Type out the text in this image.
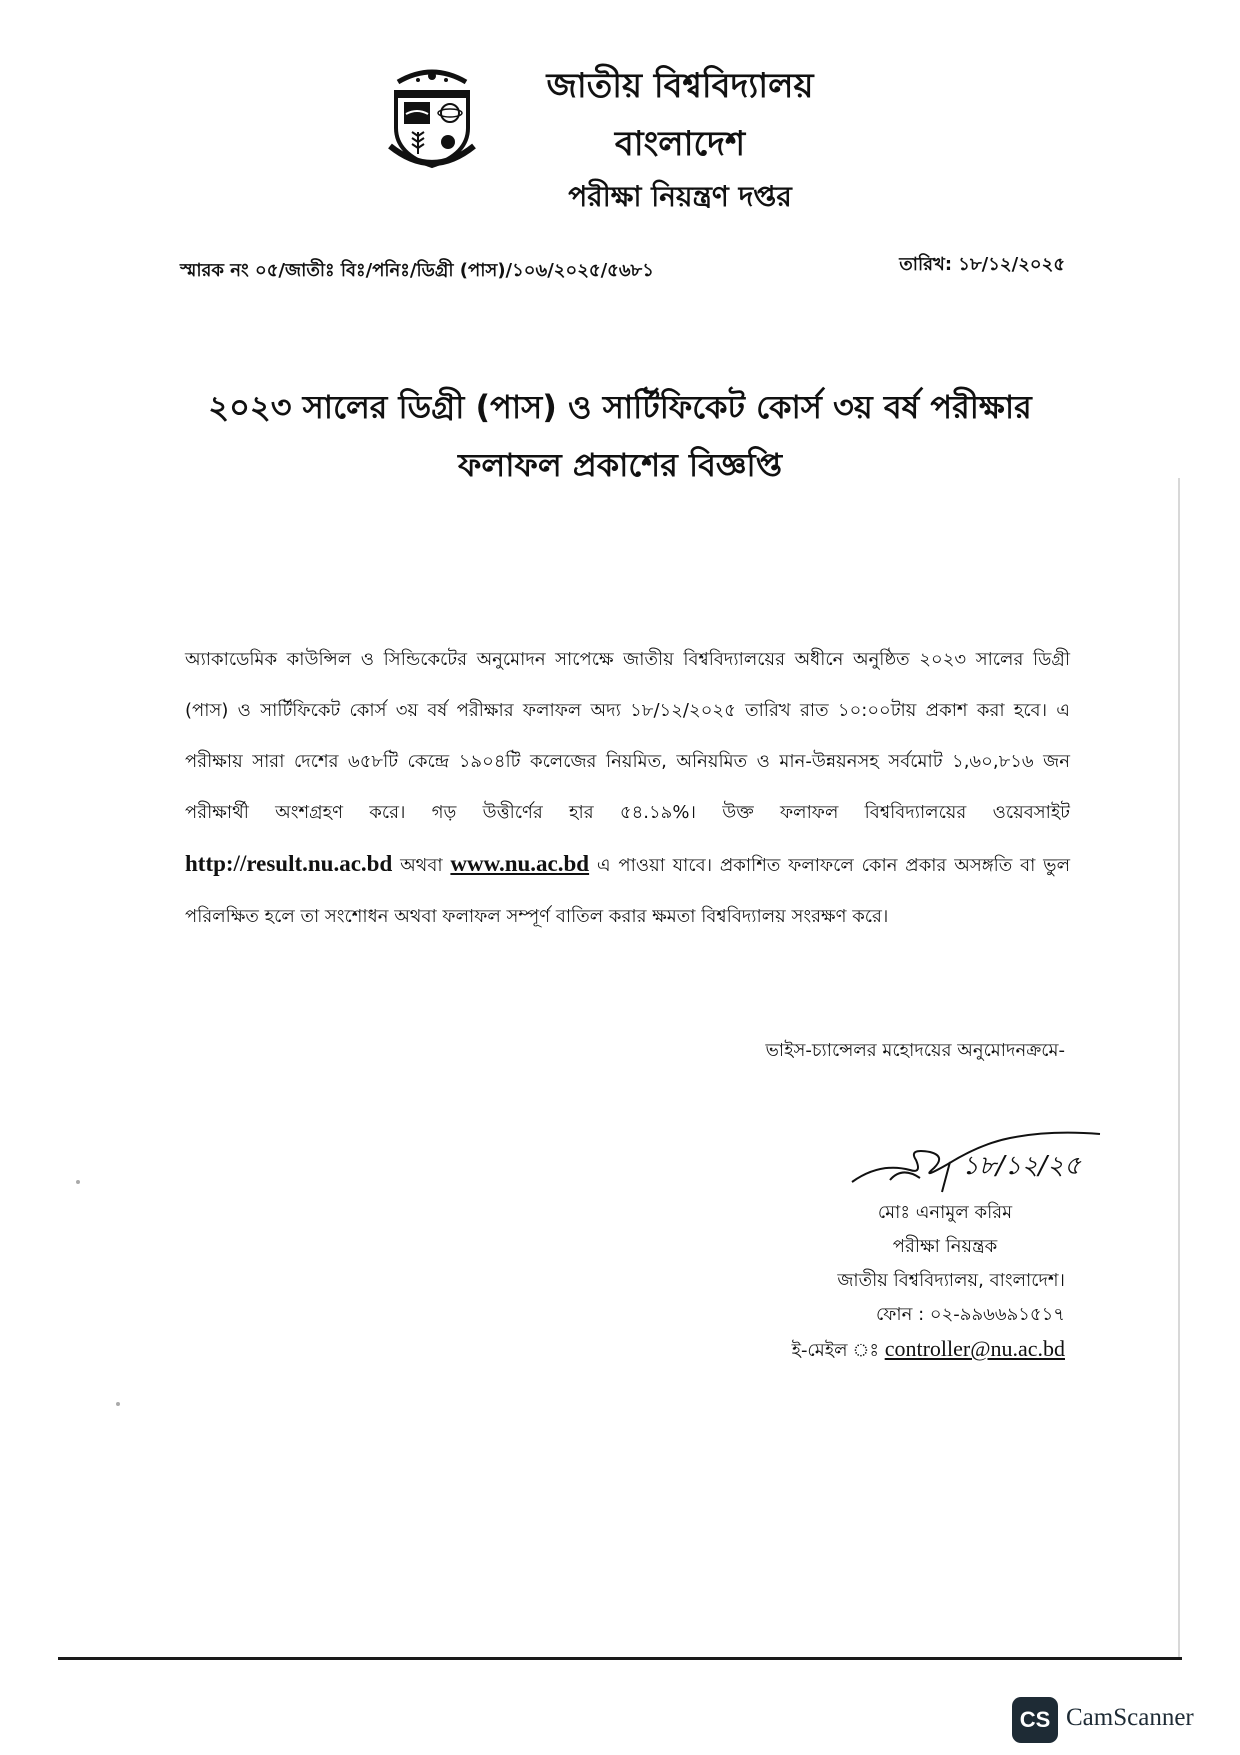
জাতীয় বিশ্ববিদ্যালয়
বাংলাদেশ
পরীক্ষা নিয়ন্ত্রণ দপ্তর
স্মারক নং ০৫/জাতীঃ বিঃ/পনিঃ/ডিগ্রী (পাস)/১০৬/২০২৫/৫৬৮১	তারিখ: ১৮/১২/২০২৫
২০২৩ সালের ডিগ্রী (পাস) ও সার্টিফিকেট কোর্স ৩য় বর্ষ পরীক্ষার
ফলাফল প্রকাশের বিজ্ঞপ্তি
অ্যাকাডেমিক কাউন্সিল ও সিন্ডিকেটের অনুমোদন সাপেক্ষে জাতীয় বিশ্ববিদ্যালয়ের অধীনে অনুষ্ঠিত ২০২৩ সালের ডিগ্রী (পাস) ও সার্টিফিকেট কোর্স ৩য় বর্ষ পরীক্ষার ফলাফল অদ্য ১৮/১২/২০২৫ তারিখ রাত ১০:০০টায় প্রকাশ করা হবে। এ পরীক্ষায় সারা দেশের ৬৫৮টি কেন্দ্রে ১৯০৪টি কলেজের নিয়মিত, অনিয়মিত ও মান-উন্নয়নসহ সর্বমোট ১,৬০,৮১৬ জন পরীক্ষার্থী অংশগ্রহণ করে। গড় উত্তীর্ণের হার ৫৪.১৯%। উক্ত ফলাফল বিশ্ববিদ্যালয়ের ওয়েবসাইট http://result.nu.ac.bd অথবা www.nu.ac.bd এ পাওয়া যাবে। প্রকাশিত ফলাফলে কোন প্রকার অসঙ্গতি বা ভুল পরিলক্ষিত হলে তা সংশোধন অথবা ফলাফল সম্পূর্ণ বাতিল করার ক্ষমতা বিশ্ববিদ্যালয় সংরক্ষণ করে।
ভাইস-চ্যান্সেলর মহোদয়ের অনুমোদনক্রমে-
১৮/১২/২৫
মোঃ এনামুল করিম
পরীক্ষা নিয়ন্ত্রক
জাতীয় বিশ্ববিদ্যালয়, বাংলাদেশ।
ফোন : ০২-৯৯৬৬৯১৫১৭
ই-মেইল ঃ controller@nu.ac.bd
CS CamScanner
